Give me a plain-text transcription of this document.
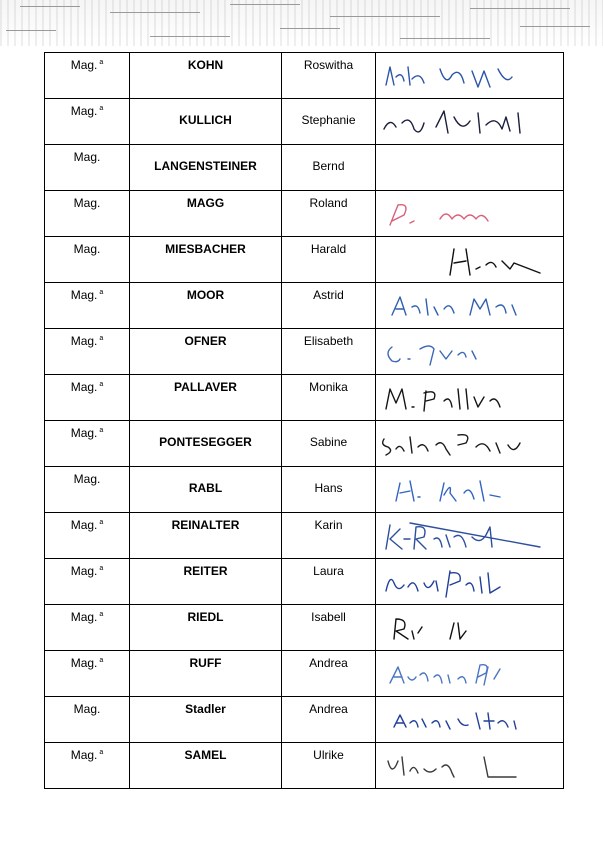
Mag. $^a$	KOHN	Roswitha

Mag. $^a$	KULLICH	Stephanie

Mag.	LANGENSTEINER	Bernd	

Mag.	MAGG	Roland

Mag.	MIESBACHER	Harald

Mag. $^a$	MOOR	Astrid

Mag. $^a$	OFNER	Elisabeth

Mag. $^a$	PALLAVER	Monika

Mag. $^a$	PONTESEGGER	Sabine

Mag.	RABL	Hans

Mag. $^a$	REINALTER	Karin

Mag. $^a$	REITER	Laura

Mag. $^a$	RIEDL	Isabell

Mag. $^a$	RUFF	Andrea

Mag.	Stadler	Andrea

Mag. $^a$	SAMEL	Ulrike
